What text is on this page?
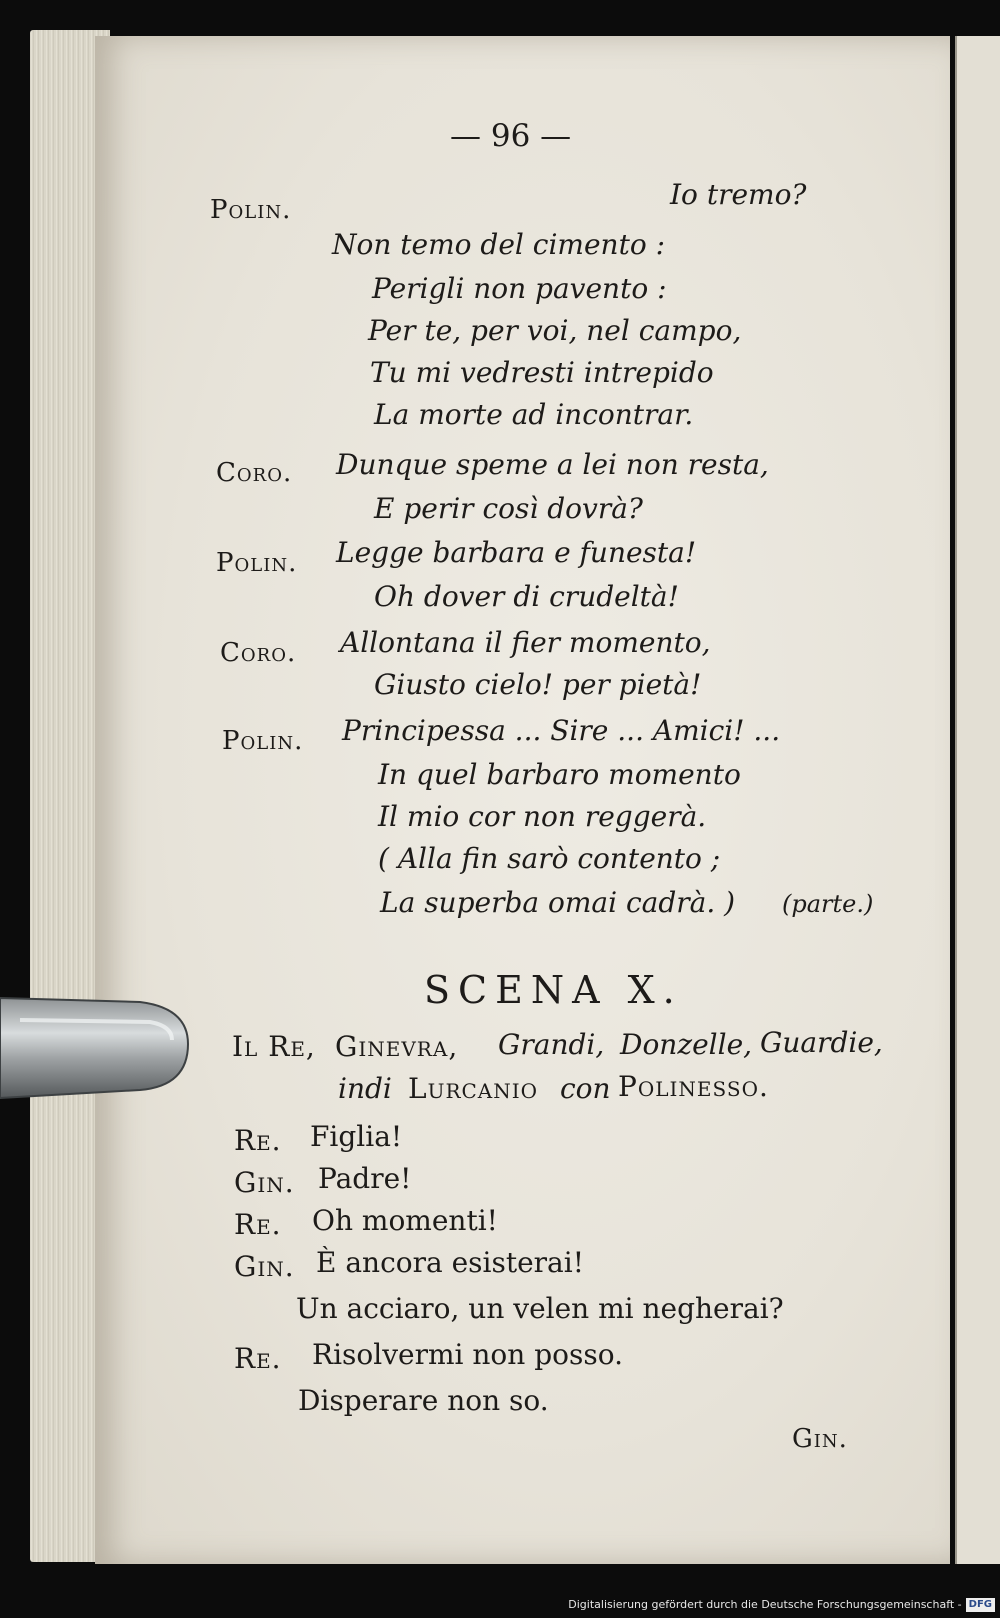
— 96 —
Polin.	Io tremo?
Non temo del cimento :
Perigli non pavento :
Per te, per voi, nel campo,
Tu mi vedresti intrepido
La morte ad incontrar.
Coro. Dunque speme a lei non resta,
E perir così dovrà?
Polin. Legge barbara e funesta!
Oh dover di crudeltà!
Coro. Allontana il fier momento,
Giusto cielo! per pietà!
Polin. Principessa ... Sire ... Amici! ...
In quel barbaro momento
Il mio cor non reggerà.
( Alla fin sarò contento ;
La superba omai cadrà. ) (parte.)
SCENA X.
Il Re, Ginevra, Grandi, Donzelle, Guardie,
indi Lurcanio con Polinesso.
Re. Figlia!
Gin. Padre!
Re. Oh momenti!
Gin. È ancora esisterai!
Un acciaro, un velen mi negherai?
Re. Risolvermi non posso.
Disperare non so.
Gin.
Digitalisierung gefördert durch die Deutsche Forschungsgemeinschaft - DFG
